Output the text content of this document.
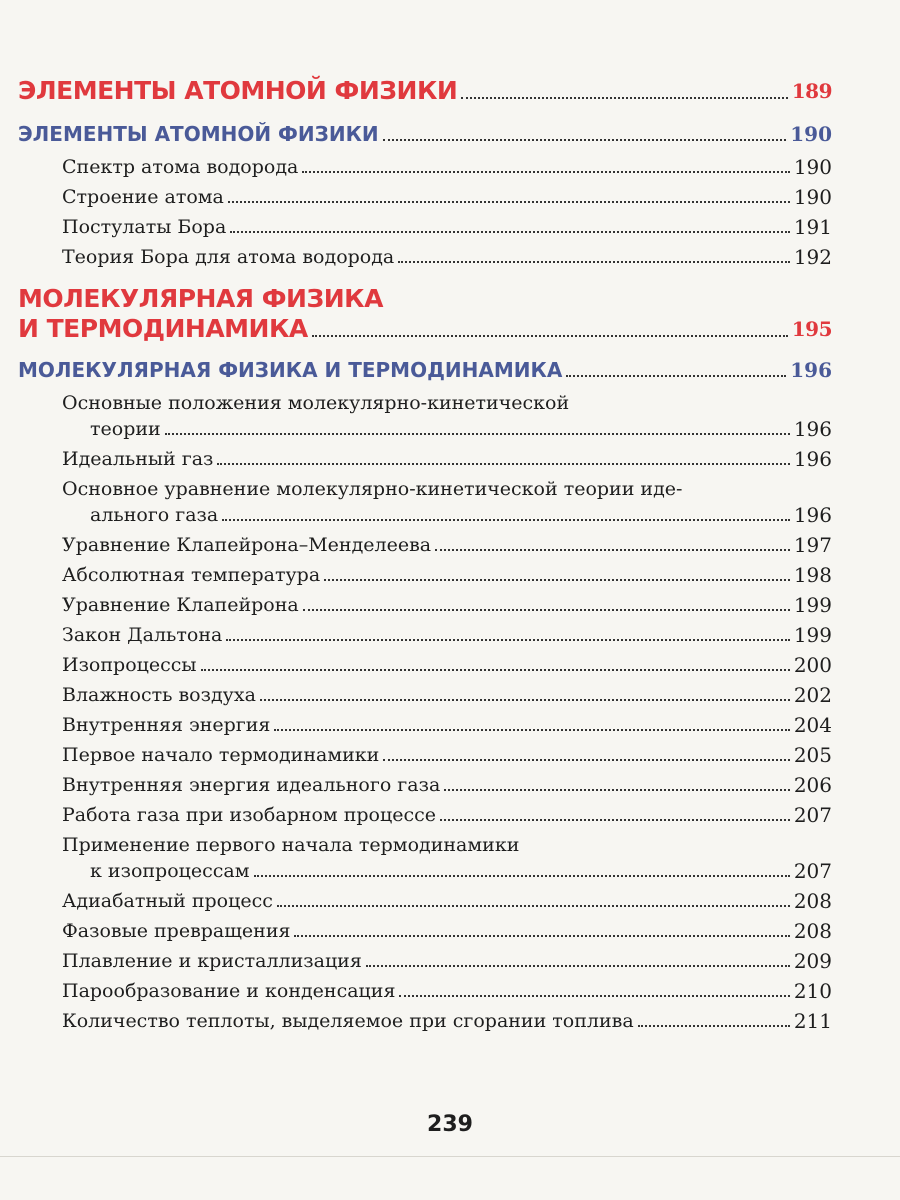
ЭЛЕМЕНТЫ АТОМНОЙ ФИЗИКИ	189
ЭЛЕМЕНТЫ АТОМНОЙ ФИЗИКИ	190
Спектр атома водорода	190
Строение атома	190
Постулаты Бора	191
Теория Бора для атома водорода	192
МОЛЕКУЛЯРНАЯ ФИЗИКА
И ТЕРМОДИНАМИКА	195
МОЛЕКУЛЯРНАЯ ФИЗИКА И ТЕРМОДИНАМИКА	196
Основные положения молекулярно-кинетической
теории	196
Идеальный газ	196
Основное уравнение молекулярно-кинетической теории иде-
ального газа	196
Уравнение Клапейрона–Менделеева	197
Абсолютная температура	198
Уравнение Клапейрона	199
Закон Дальтона	199
Изопроцессы	200
Влажность воздуха	202
Внутренняя энергия	204
Первое начало термодинамики	205
Внутренняя энергия идеального газа	206
Работа газа при изобарном процессе	207
Применение первого начала термодинамики
к изопроцессам	207
Адиабатный процесс	208
Фазовые превращения	208
Плавление и кристаллизация	209
Парообразование и конденсация	210
Количество теплоты, выделяемое при сгорании топлива	211
239
